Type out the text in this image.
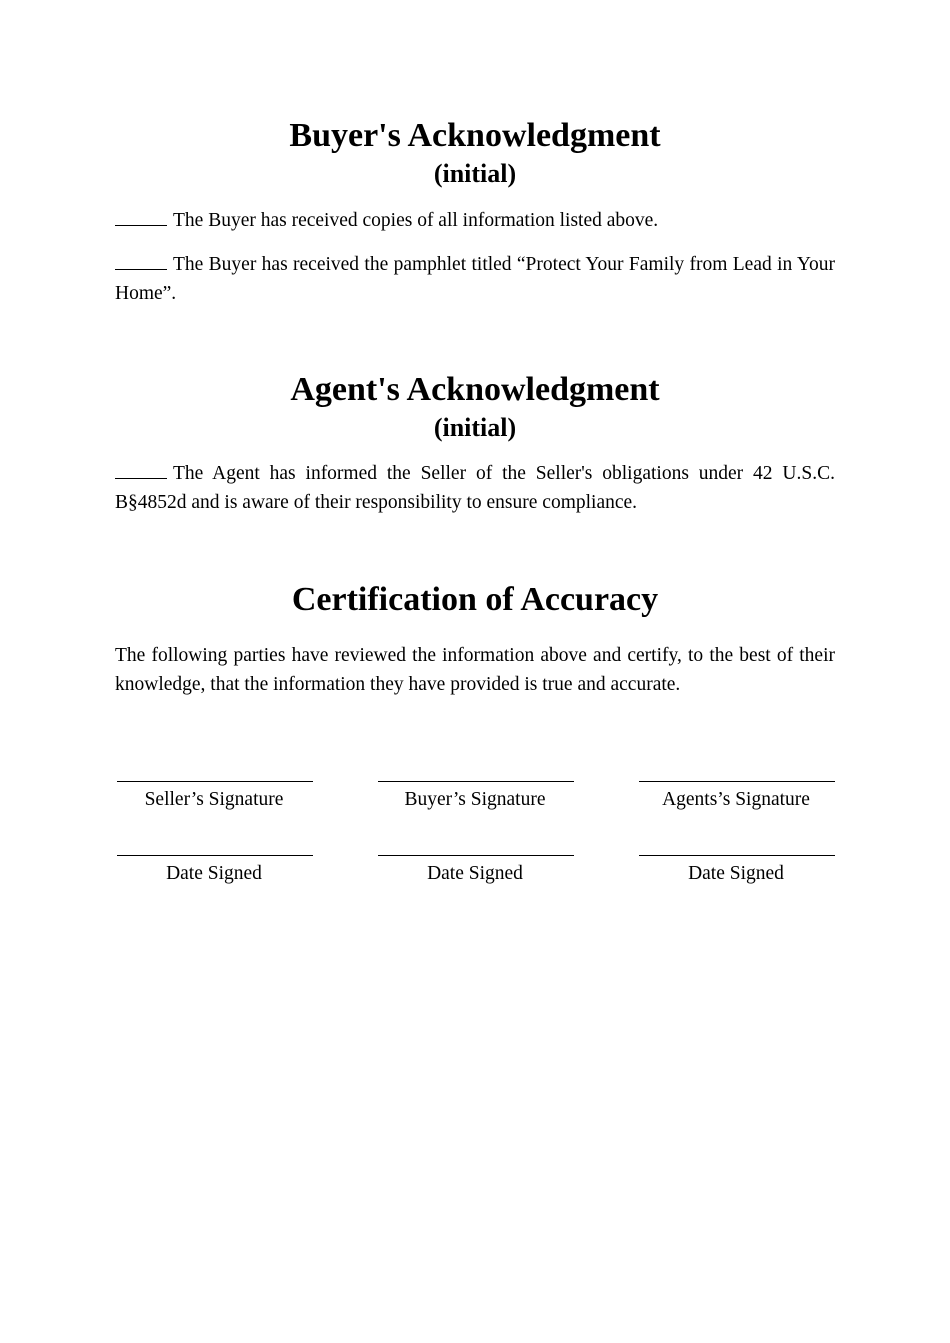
Buyer's Acknowledgment
(initial)

The Buyer has received copies of all information listed above.

The Buyer has received the pamphlet titled “Protect Your Family from Lead in Your Home”.

Agent's Acknowledgment
(initial)

The Agent has informed the Seller of the Seller's obligations under 42 U.S.C. B§4852d and is aware of their responsibility to ensure compliance.

Certification of Accuracy

The following parties have reviewed the information above and certify, to the best of their knowledge, that the information they have provided is true and accurate.

Seller’s Signature	Buyer’s Signature	Agents’s Signature
Date Signed	Date Signed	Date Signed
